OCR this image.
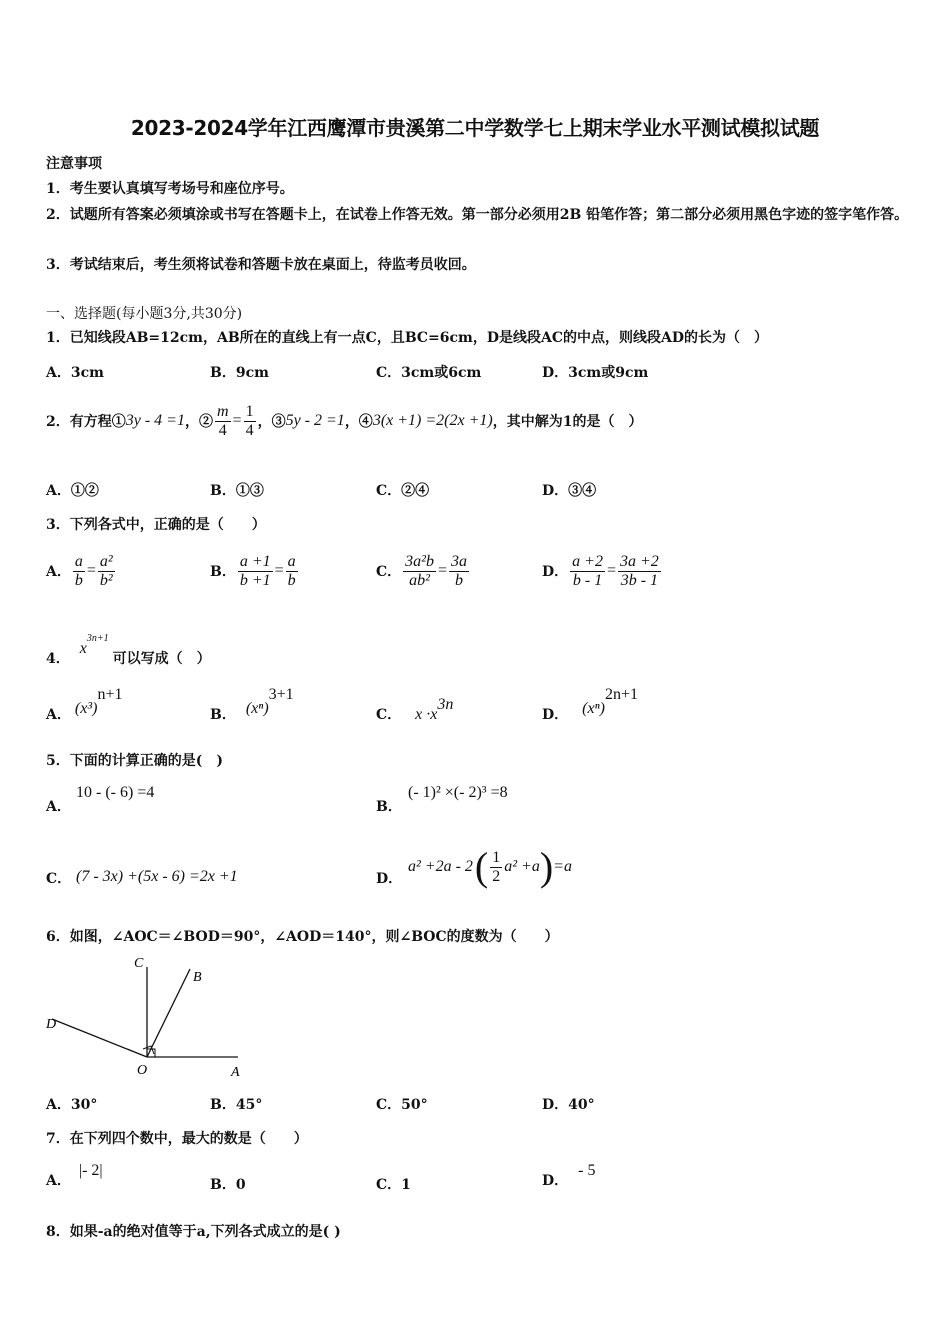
2023-2024学年江西鹰潭市贵溪第二中学数学七上期末学业水平测试模拟试题
注意事项
1．考生要认真填写考场号和座位序号。
2．试题所有答案必须填涂或书写在答题卡上，在试卷上作答无效。第一部分必须用2B 铅笔作答；第二部分必须用黑色字迹的签字笔作答。
3．考试结束后，考生须将试卷和答题卡放在桌面上，待监考员收回。
一、选择题(每小题3分,共30分)
1．已知线段AB=12cm，AB所在的直线上有一点C，且BC=6cm，D是线段AC的中点，则线段AD的长为（　）
A．3cm	B．9cm	C．3cm或6cm	D．3cm或9cm
2．有方程① 3y - 4 =1 ，② $\frac{m}{4} = \frac{1}{4}$ ，③ 5y - 2 =1 ，④ 3(x +1) =2(2x +1) ，其中解为1的是（　）
A．①②	B．①③	C．②④	D．③④
3．下列各式中，正确的是（　　）
A． $\frac{a}{b} = \frac{\text{a²}}{\text{b²}}$	B． $\frac{a +1}{b +1} = \frac{a}{b}$	C． $\frac{\text{3a²b}}{\text{ab²}} = \frac{3a}{b}$	D． $\frac{a +2}{b - 1} = \frac{3a +2}{3b - 1}$
4．
x
$^{3n+1}$
可以写成（　）
A． (x³)
$^{n+1}$
B． (xⁿ)
$^{3+1}$
C． x ·x
$^{3n}$
D． (xⁿ)
$^{2n+1}$
5．下面的计算正确的是(　)
A．
10 - (- 6) =4
B．
(- 1)² ×(- 2)³ =8
C． (7 - 3x) +(5x - 6) =2x +1	D．
a² +2a - 2 ( $\frac{1}{2} a^2 +a$ ) =a
6．如图，∠AOC＝∠BOD＝90°，∠AOD＝140°，则∠BOC的度数为（　　）
C
B
D
O	A
A．30°	B．45°	C．50°	D．40°
7．在下列四个数中，最大的数是（　　）
A．
|- 2|
B．0	C．1	D．
- 5
8．如果-a的绝对值等于a,下列各式成立的是( )
